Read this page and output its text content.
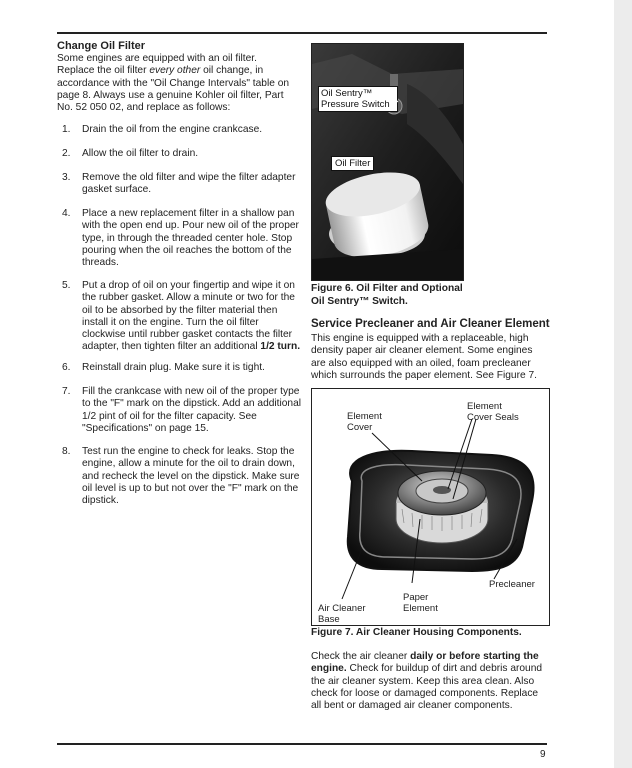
Change Oil Filter
Some engines are equipped with an oil filter. Replace the oil filter every other oil change, in accordance with the "Oil Change Intervals" table on page 8. Always use a genuine Kohler oil filter, Part No. 52 050 02, and replace as follows:
1. Drain the oil from the engine crankcase.
2. Allow the oil filter to drain.
3. Remove the old filter and wipe the filter adapter gasket surface.
4. Place a new replacement filter in a shallow pan with the open end up. Pour new oil of the proper type, in through the threaded center hole. Stop pouring when the oil reaches the bottom of the threads.
5. Put a drop of oil on your fingertip and wipe it on the rubber gasket. Allow a minute or two for the oil to be absorbed by the filter material then install it on the engine. Turn the oil filter clockwise until rubber gasket contacts the filter adapter, then tighten filter an additional 1/2 turn.
6. Reinstall drain plug. Make sure it is tight.
7. Fill the crankcase with new oil of the proper type to the "F" mark on the dipstick. Add an additional 1/2 pint of oil for the filter capacity. See "Specifications" on page 15.
8. Test run the engine to check for leaks. Stop the engine, allow a minute for the oil to drain down, and recheck the level on the dipstick. Make sure oil level is up to but not over the "F" mark on the dipstick.
Oil Sentry™ Pressure Switch
Oil Filter
Figure 6. Oil Filter and Optional Oil Sentry™ Switch.
Service Precleaner and Air Cleaner Element
This engine is equipped with a replaceable, high density paper air cleaner element. Some engines are also equipped with an oiled, foam precleaner which surrounds the paper element. See Figure 7.
Element Cover
Element Cover Seals
Precleaner
Paper Element
Air Cleaner Base
Figure 7. Air Cleaner Housing Components.
Check the air cleaner daily or before starting the engine. Check for buildup of dirt and debris around the air cleaner system. Keep this area clean. Also check for loose or damaged components. Replace all bent or damaged air cleaner components.
9
